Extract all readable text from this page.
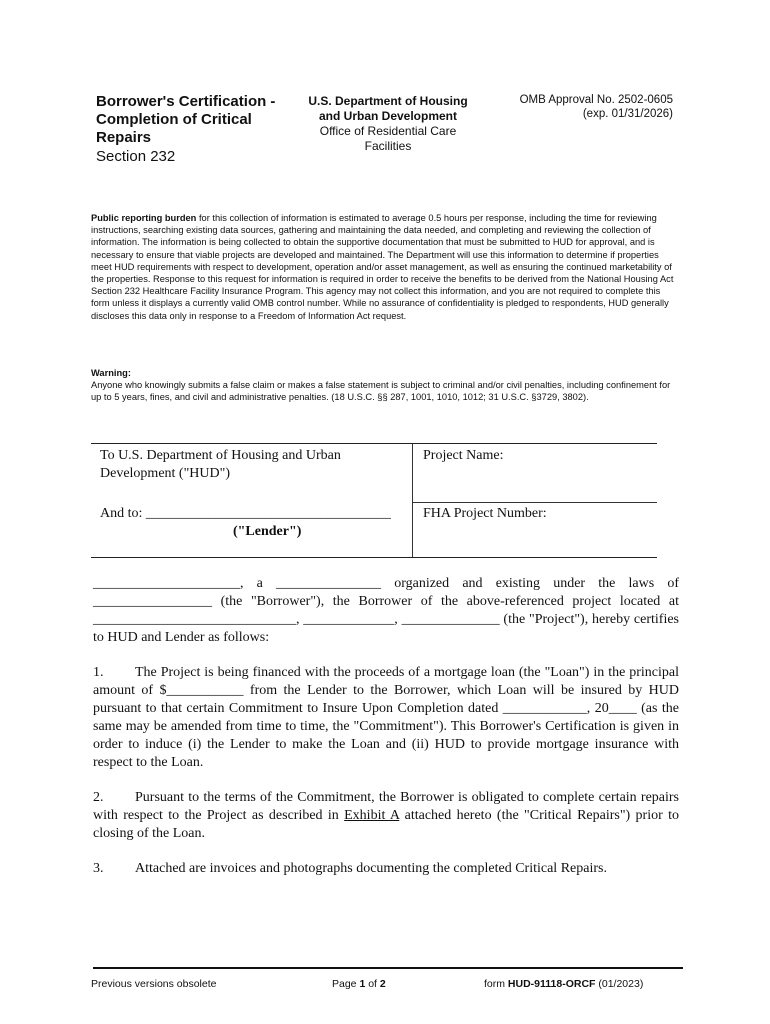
Borrower's Certification - Completion of Critical Repairs
Section 232
U.S. Department of Housing and Urban Development
Office of Residential Care Facilities
OMB Approval No. 2502-0605
(exp. 01/31/2026)
Public reporting burden for this collection of information is estimated to average 0.5 hours per response, including the time for reviewing instructions, searching existing data sources, gathering and maintaining the data needed, and completing and reviewing the collection of information. The information is being collected to obtain the supportive documentation that must be submitted to HUD for approval, and is necessary to ensure that viable projects are developed and maintained. The Department will use this information to determine if properties meet HUD requirements with respect to development, operation and/or asset management, as well as ensuring the continued marketability of the properties. Response to this request for information is required in order to receive the benefits to be derived from the National Housing Act Section 232 Healthcare Facility Insurance Program. This agency may not collect this information, and you are not required to complete this form unless it displays a currently valid OMB control number. While no assurance of confidentiality is pledged to respondents, HUD generally discloses this data only in response to a Freedom of Information Act request.
Warning:
Anyone who knowingly submits a false claim or makes a false statement is subject to criminal and/or civil penalties, including confinement for up to 5 years, fines, and civil and administrative penalties. (18 U.S.C. §§ 287, 1001, 1010, 1012; 31 U.S.C. §3729, 3802).
To U.S. Department of Housing and Urban Development ("HUD")
And to: ___________________________________
("Lender")
Project Name:
FHA Project Number:

_____________________, a _______________ organized and existing under the laws of _________________ (the "Borrower"), the Borrower of the above-referenced project located at _____________________________, _____________, ______________ (the "Project"), hereby certifies to HUD and Lender as follows:

1. The Project is being financed with the proceeds of a mortgage loan (the "Loan") in the principal amount of $___________ from the Lender to the Borrower, which Loan will be insured by HUD pursuant to that certain Commitment to Insure Upon Completion dated ____________, 20____ (as the same may be amended from time to time, the "Commitment"). This Borrower's Certification is given in order to induce (i) the Lender to make the Loan and (ii) HUD to provide mortgage insurance with respect to the Loan.

2. Pursuant to the terms of the Commitment, the Borrower is obligated to complete certain repairs with respect to the Project as described in Exhibit A attached hereto (the "Critical Repairs") prior to closing of the Loan.

3. Attached are invoices and photographs documenting the completed Critical Repairs.

Previous versions obsolete	Page 1 of 2	form HUD-91118-ORCF (01/2023)
